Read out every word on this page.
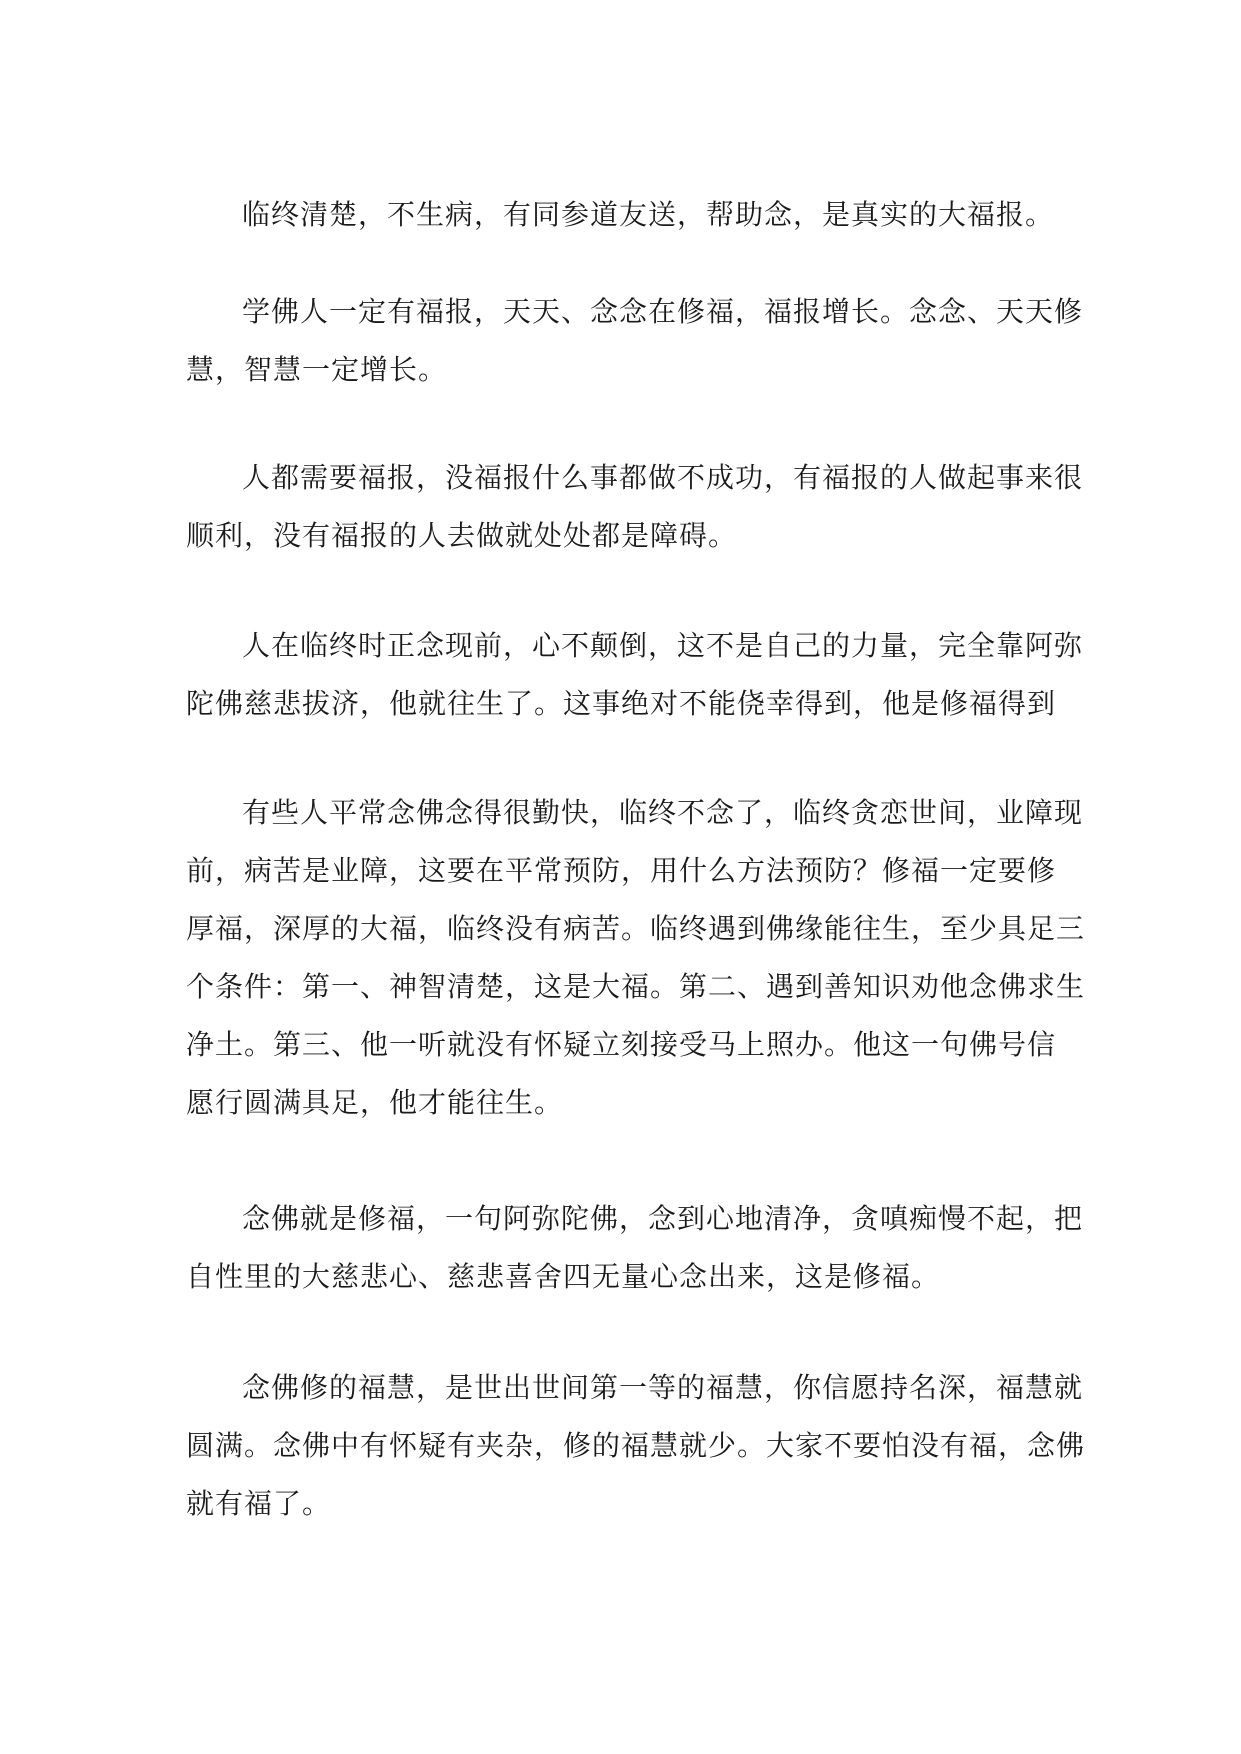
临终清楚，不生病，有同参道友送，帮助念，是真实的大福报。
学佛人一定有福报，天天、念念在修福，福报增长。念念、天天修
慧，智慧一定增长。
人都需要福报，没福报什么事都做不成功，有福报的人做起事来很
顺利，没有福报的人去做就处处都是障碍。
人在临终时正念现前，心不颠倒，这不是自己的力量，完全靠阿弥
陀佛慈悲拔济，他就往生了。这事绝对不能侥幸得到，他是修福得到
有些人平常念佛念得很勤快，临终不念了，临终贪恋世间，业障现
前，病苦是业障，这要在平常预防，用什么方法预防？修福一定要修
厚福，深厚的大福，临终没有病苦。临终遇到佛缘能往生，至少具足三
个条件：第一、神智清楚，这是大福。第二、遇到善知识劝他念佛求生
净土。第三、他一听就没有怀疑立刻接受马上照办。他这一句佛号信
愿行圆满具足，他才能往生。
念佛就是修福，一句阿弥陀佛，念到心地清净，贪嗔痴慢不起，把
自性里的大慈悲心、慈悲喜舍四无量心念出来，这是修福。
念佛修的福慧，是世出世间第一等的福慧，你信愿持名深，福慧就
圆满。念佛中有怀疑有夹杂，修的福慧就少。大家不要怕没有福，念佛
就有福了。
